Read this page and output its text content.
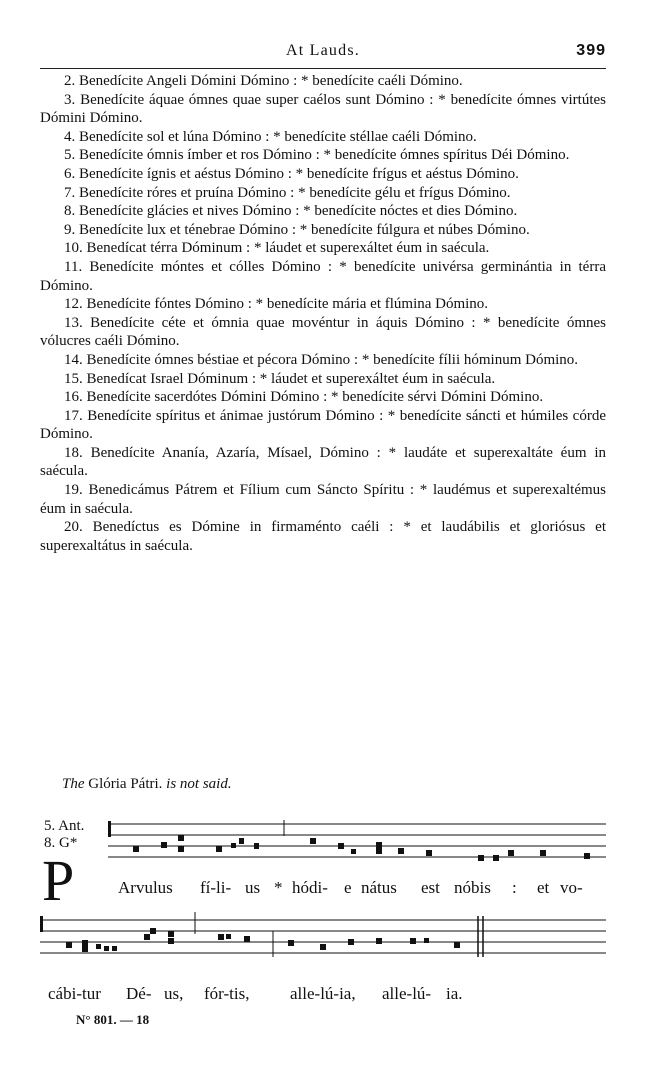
At Lauds.	399

2. Benedícite Angeli Dómini Dómino : * benedícite caéli Dómino.

3. Benedícite áquae ómnes quae super caélos sunt Dómino : * benedícite ómnes virtútes Dómini Dómino.

4. Benedícite sol et lúna Dómino : * benedícite stéllae caéli Dómino.

5. Benedícite ómnis ímber et ros Dómino : * benedícite ómnes spíritus Déi Dómino.

6. Benedícite ígnis et aéstus Dómino : * benedícite frígus et aéstus Dómino.

7. Benedícite róres et pruína Dómino : * benedícite gélu et frígus Dómino.

8. Benedícite glácies et nives Dómino : * benedícite nóctes et dies Dómino.

9. Benedícite lux et ténebrae Dómino : * benedícite fúlgura et núbes Dómino.

10. Benedícat térra Dóminum : * láudet et superexáltet éum in saécula.

11. Benedícite móntes et cólles Dómino : * benedícite univérsa germinántia in térra Dómino.

12. Benedícite fóntes Dómino : * benedícite mária et flúmina Dómino.

13. Benedícite céte et ómnia quae movéntur in áquis Dómino : * benedícite ómnes vólucres caéli Dómino.

14. Benedícite ómnes béstiae et pécora Dómino : * benedícite fílii hóminum Dómino.

15. Benedícat Israel Dóminum : * láudet et superexáltet éum in saécula.

16. Benedícite sacerdótes Dómini Dómino : * benedícite sérvi Dómini Dómino.

17. Benedícite spíritus et ánimae justórum Dómino : * benedícite sáncti et húmiles córde Dómino.

18. Benedícite Ananía, Azaría, Mísael, Dómino : * laudáte et superexaltáte éum in saécula.

19. Benedicámus Pátrem et Fílium cum Sáncto Spíritu : * laudémus et superexaltémus éum in saécula.

20. Benedíctus es Dómine in firmaménto caéli : * et laudábilis et gloriósus et superexaltátus in saécula.

The Glória Pátri. is not said.
5. Ant.
8. G*
P	Arvulus fí-li- us * hódi- e nátus est nóbis : et vo-
cábi-tur Dé- us, fór-tis, alle-lú-ia, alle-lú- ia.
N° 801. — 18
